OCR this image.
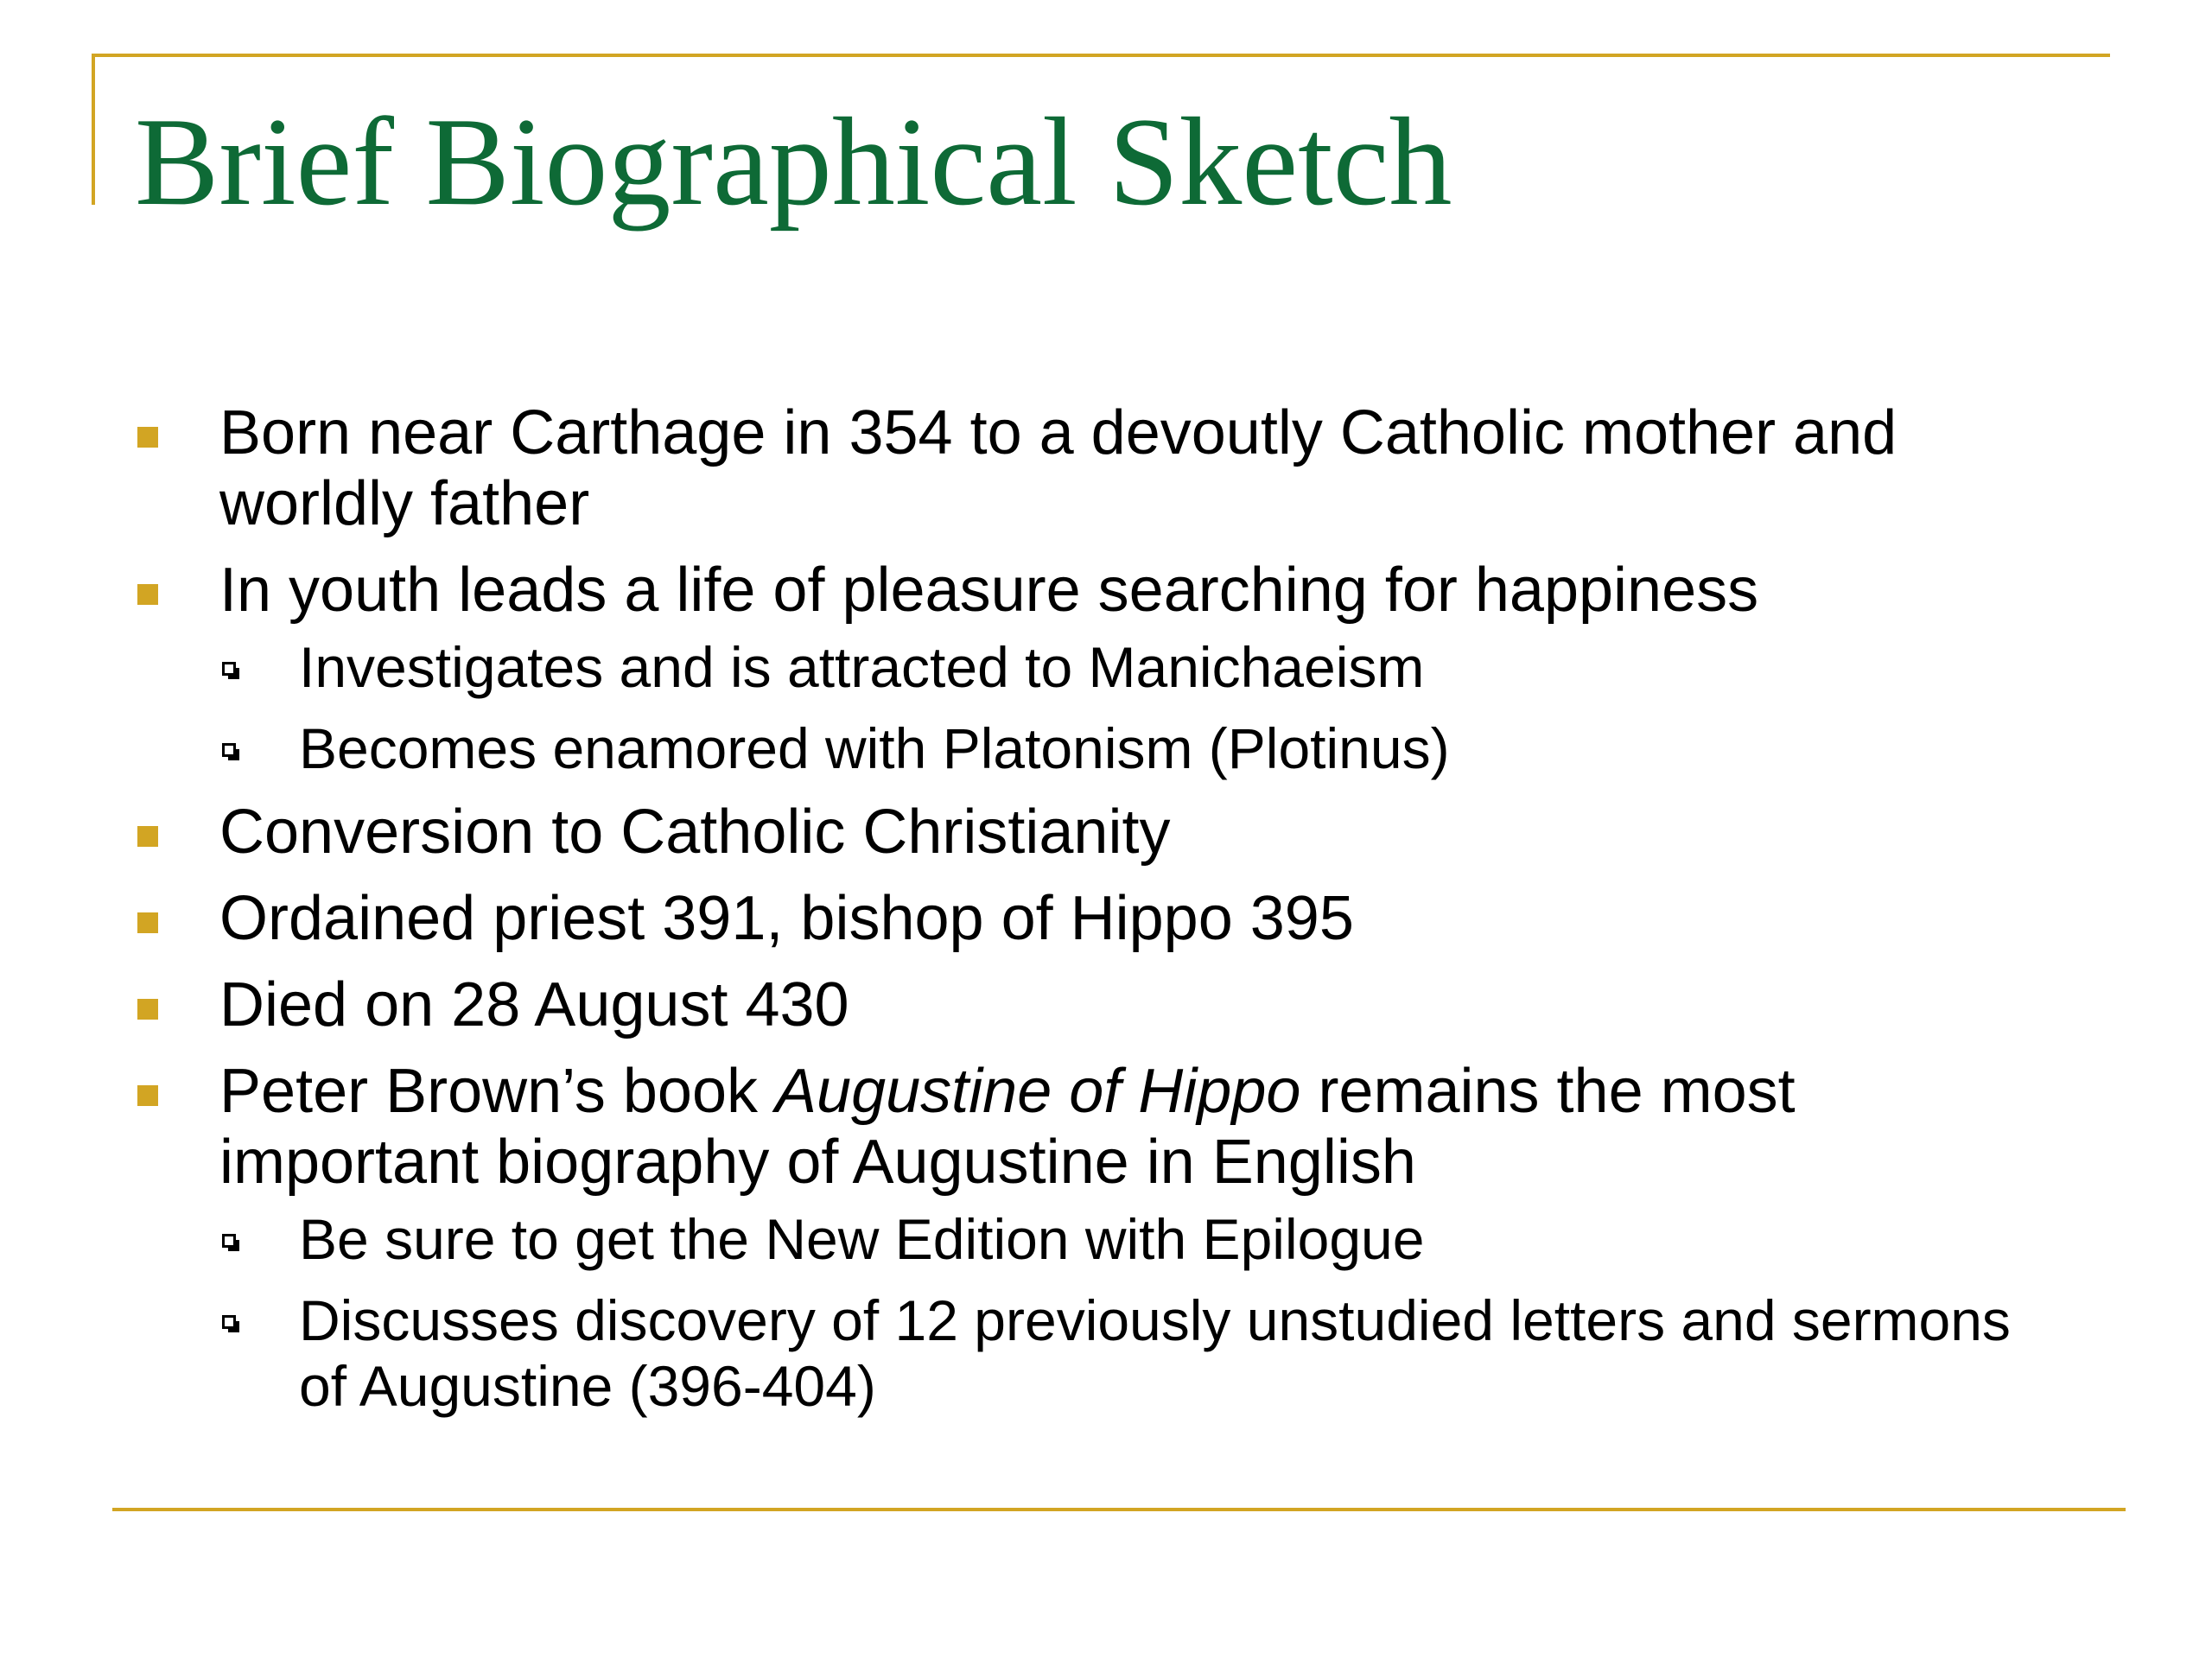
Brief Biographical Sketch
Born near Carthage in 354 to a devoutly Catholic mother and worldly father
In youth leads a life of pleasure searching for happiness
Investigates and is attracted to Manichaeism
Becomes enamored with Platonism (Plotinus)
Conversion to Catholic Christianity
Ordained priest 391, bishop of Hippo 395
Died on 28 August 430
Peter Brown’s book Augustine of Hippo remains the most important biography of Augustine in English
Be sure to get the New Edition with Epilogue
Discusses discovery of 12 previously unstudied letters and sermons of Augustine (396-404)
